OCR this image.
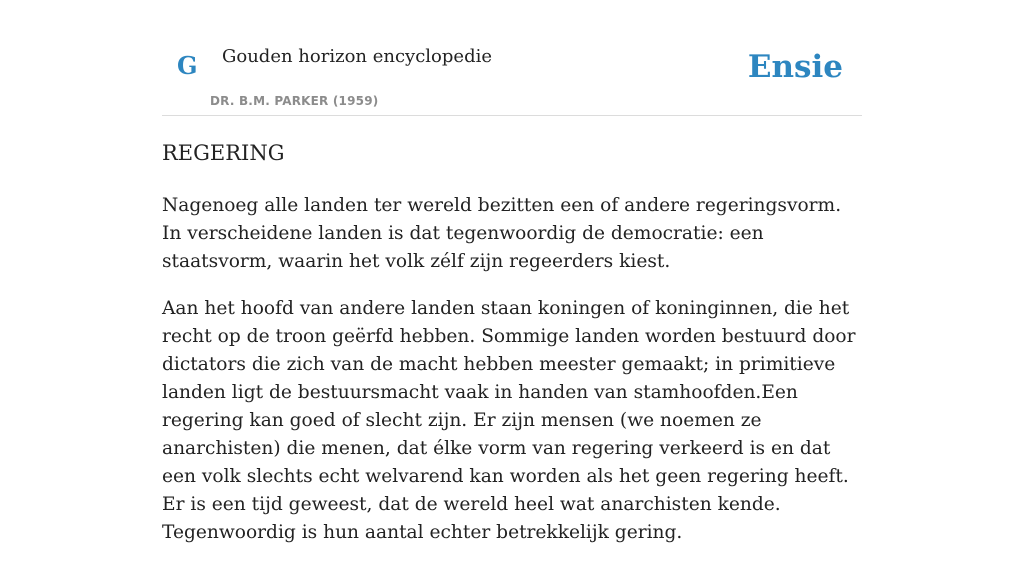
G Gouden horizon encyclopedie
DR. B.M. PARKER (1959)
Ensie
REGERING

Nagenoeg alle landen ter wereld bezitten een of andere regeringsvorm. In verscheidene landen is dat tegenwoordig de democratie: een staatsvorm, waarin het volk zélf zijn regeerders kiest.

Aan het hoofd van andere landen staan koningen of koninginnen, die het recht op de troon geërfd hebben. Sommige landen worden bestuurd door dictators die zich van de macht hebben meester gemaakt; in primitieve landen ligt de bestuursmacht vaak in handen van stamhoofden.Een regering kan goed of slecht zijn. Er zijn mensen (we noemen ze anarchisten) die menen, dat élke vorm van regering verkeerd is en dat een volk slechts echt welvarend kan worden als het geen regering heeft. Er is een tijd geweest, dat de wereld heel wat anarchisten kende. Tegenwoordig is hun aantal echter betrekkelijk gering.
